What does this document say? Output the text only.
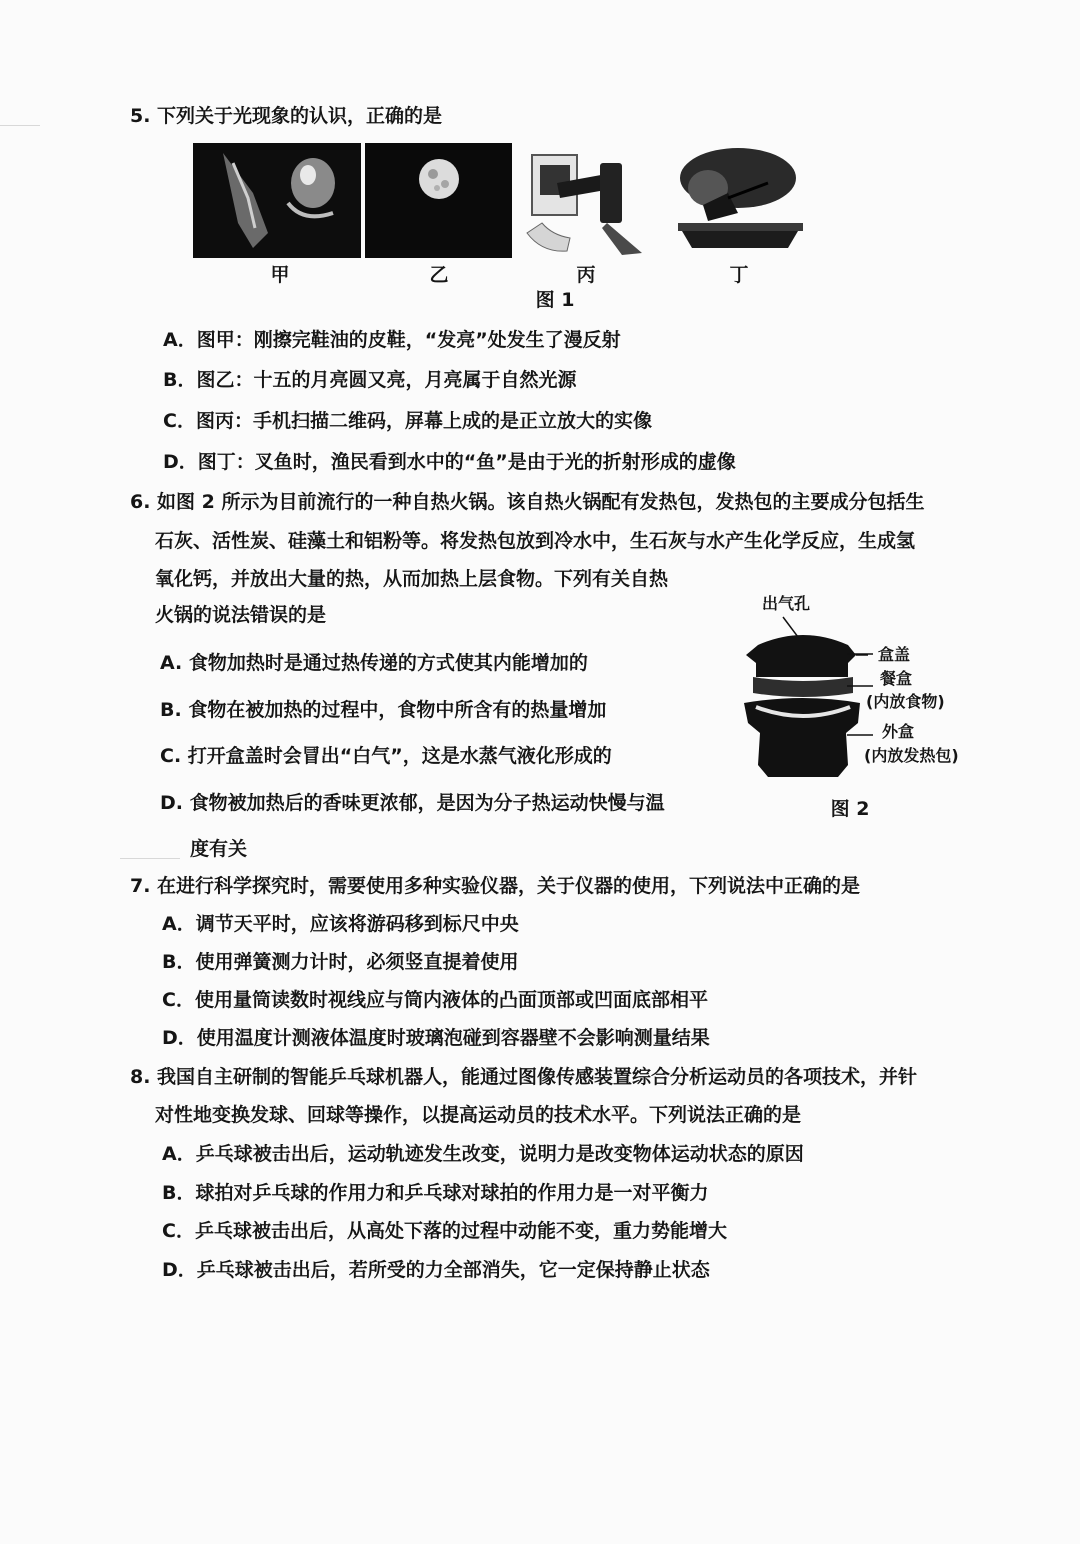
5. 下列关于光现象的认识，正确的是
甲	乙	丙	丁
图 1
A．图甲：刚擦完鞋油的皮鞋，“发亮”处发生了漫反射
B．图乙：十五的月亮圆又亮，月亮属于自然光源
C．图丙：手机扫描二维码，屏幕上成的是正立放大的实像
D．图丁：叉鱼时，渔民看到水中的“鱼”是由于光的折射形成的虚像
6. 如图 2 所示为目前流行的一种自热火锅。该自热火锅配有发热包，发热包的主要成分包括生
石灰、活性炭、硅藻土和铝粉等。将发热包放到冷水中，生石灰与水产生化学反应，生成氢
氧化钙，并放出大量的热，从而加热上层食物。下列有关自热
火锅的说法错误的是
A. 食物加热时是通过热传递的方式使其内能增加的
B. 食物在被加热的过程中，食物中所含有的热量增加
C. 打开盒盖时会冒出“白气”，这是水蒸气液化形成的
D. 食物被加热后的香味更浓郁，是因为分子热运动快慢与温
度有关
出气孔
盒盖
餐盒
(内放食物)
外盒
(内放发热包)
图 2
7. 在进行科学探究时，需要使用多种实验仪器，关于仪器的使用，下列说法中正确的是
A．调节天平时，应该将游码移到标尺中央
B．使用弹簧测力计时，必须竖直提着使用
C．使用量筒读数时视线应与筒内液体的凸面顶部或凹面底部相平
D．使用温度计测液体温度时玻璃泡碰到容器壁不会影响测量结果
8. 我国自主研制的智能乒乓球机器人，能通过图像传感装置综合分析运动员的各项技术，并针
对性地变换发球、回球等操作，以提高运动员的技术水平。下列说法正确的是
A．乒乓球被击出后，运动轨迹发生改变，说明力是改变物体运动状态的原因
B．球拍对乒乓球的作用力和乒乓球对球拍的作用力是一对平衡力
C．乒乓球被击出后，从高处下落的过程中动能不变，重力势能增大
D．乒乓球被击出后，若所受的力全部消失，它一定保持静止状态
